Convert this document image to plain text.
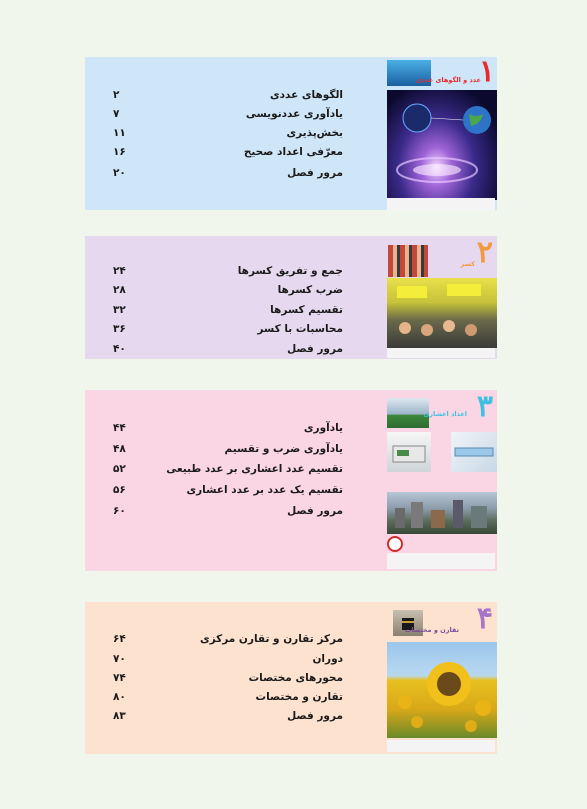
الگوهای عددی
۲
یادآوری عددنویسی
۷
بخش‌پذیری
۱۱
معرّفی اعداد صحیح
۱۶
مرور فصل
۲۰
۱
عدد و الگوهای عددی
جمع و تفریق کسرها
۲۴
ضرب کسرها
۲۸
تقسیم کسرها
۳۲
محاسبات با کسر
۳۶
مرور فصل
۴۰
۲
کسر
یادآوری
۴۴
یادآوری ضرب و تقسیم
۴۸
تقسیم عدد اعشاری بر عدد طبیعی
۵۲
تقسیم یک عدد بر عدد اعشاری
۵۶
مرور فصل
۶۰
۳
اعداد اعشاری
مرکز تقارن و تقارن مرکزی
۶۴
دوران
۷۰
محورهای مختصات
۷۴
تقارن و مختصات
۸۰
مرور فصل
۸۳
۴
تقارن و مختصات
